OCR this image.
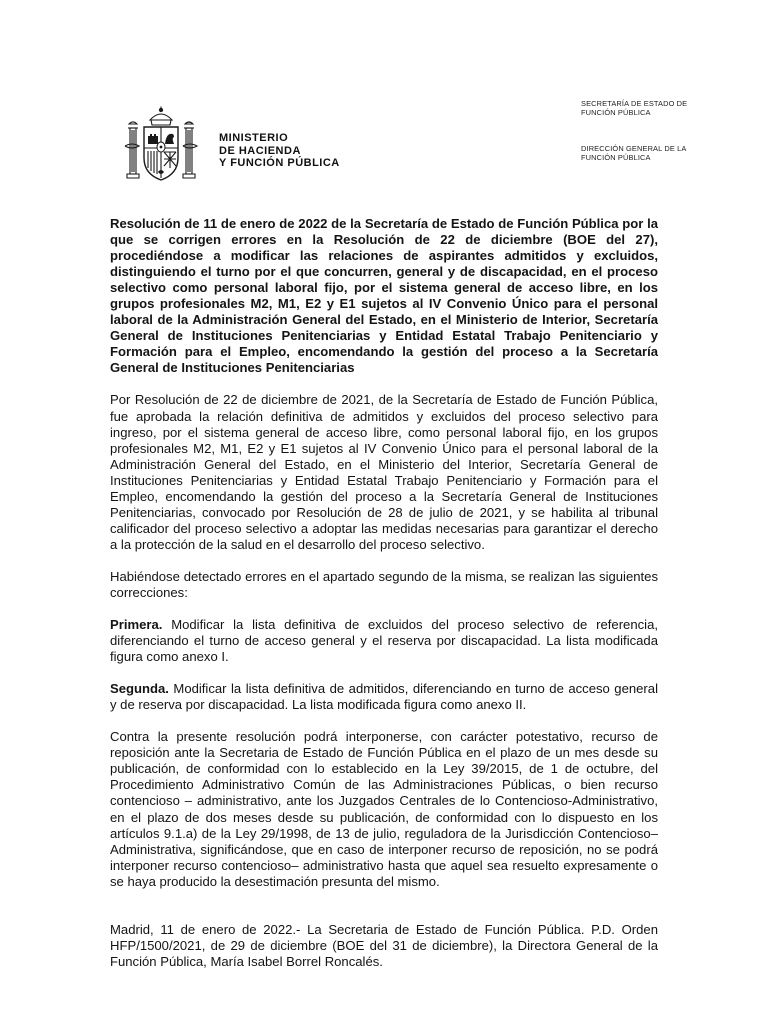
MINISTERIO
DE HACIENDA
Y FUNCIÓN PÚBLICA
SECRETARÍA DE ESTADO DE
FUNCIÓN PÚBLICA
DIRECCIÓN GENERAL DE LA
FUNCIÓN PÚBLICA

Resolución de 11 de enero de 2022 de la Secretaría de Estado de Función Pública por la que se corrigen errores en la Resolución de 22 de diciembre (BOE del 27), procediéndose a modificar las relaciones de aspirantes admitidos y excluidos, distinguiendo el turno por el que concurren, general y de discapacidad, en el proceso selectivo como personal laboral fijo, por el sistema general de acceso libre, en los grupos profesionales M2, M1, E2 y E1 sujetos al IV Convenio Único para el personal laboral de la Administración General del Estado, en el Ministerio de Interior, Secretaría General de Instituciones Penitenciarias y Entidad Estatal Trabajo Penitenciario y Formación para el Empleo, encomendando la gestión del proceso a la Secretaría General de Instituciones Penitenciarias

Por Resolución de 22 de diciembre de 2021, de la Secretaría de Estado de Función Pública, fue aprobada la relación definitiva de admitidos y excluidos del proceso selectivo para ingreso, por el sistema general de acceso libre, como personal laboral fijo, en los grupos profesionales M2, M1, E2 y E1 sujetos al IV Convenio Único para el personal laboral de la Administración General del Estado, en el Ministerio del Interior, Secretaría General de Instituciones Penitenciarias y Entidad Estatal Trabajo Penitenciario y Formación para el Empleo, encomendando la gestión del proceso a la Secretaría General de Instituciones Penitenciarias, convocado por Resolución de 28 de julio de 2021, y se habilita al tribunal calificador del proceso selectivo a adoptar las medidas necesarias para garantizar el derecho a la protección de la salud en el desarrollo del proceso selectivo.

Habiéndose detectado errores en el apartado segundo de la misma, se realizan las siguientes correcciones:

Primera. Modificar la lista definitiva de excluidos del proceso selectivo de referencia, diferenciando el turno de acceso general y el reserva por discapacidad. La lista modificada figura como anexo I.

Segunda. Modificar la lista definitiva de admitidos, diferenciando en turno de acceso general y de reserva por discapacidad. La lista modificada figura como anexo II.

Contra la presente resolución podrá interponerse, con carácter potestativo, recurso de reposición ante la Secretaria de Estado de Función Pública en el plazo de un mes desde su publicación, de conformidad con lo establecido en la Ley 39/2015, de 1 de octubre, del Procedimiento Administrativo Común de las Administraciones Públicas, o bien recurso contencioso – administrativo, ante los Juzgados Centrales de lo Contencioso-Administrativo, en el plazo de dos meses desde su publicación, de conformidad con lo dispuesto en los artículos 9.1.a) de la Ley 29/1998, de 13 de julio, reguladora de la Jurisdicción Contencioso–Administrativa, significándose, que en caso de interponer recurso de reposición, no se podrá interponer recurso contencioso– administrativo hasta que aquel sea resuelto expresamente o se haya producido la desestimación presunta del mismo.

Madrid, 11 de enero de 2022.- La Secretaria de Estado de Función Pública. P.D. Orden HFP/1500/2021, de 29 de diciembre (BOE del 31 de diciembre), la Directora General de la Función Pública, María Isabel Borrel Roncalés.
